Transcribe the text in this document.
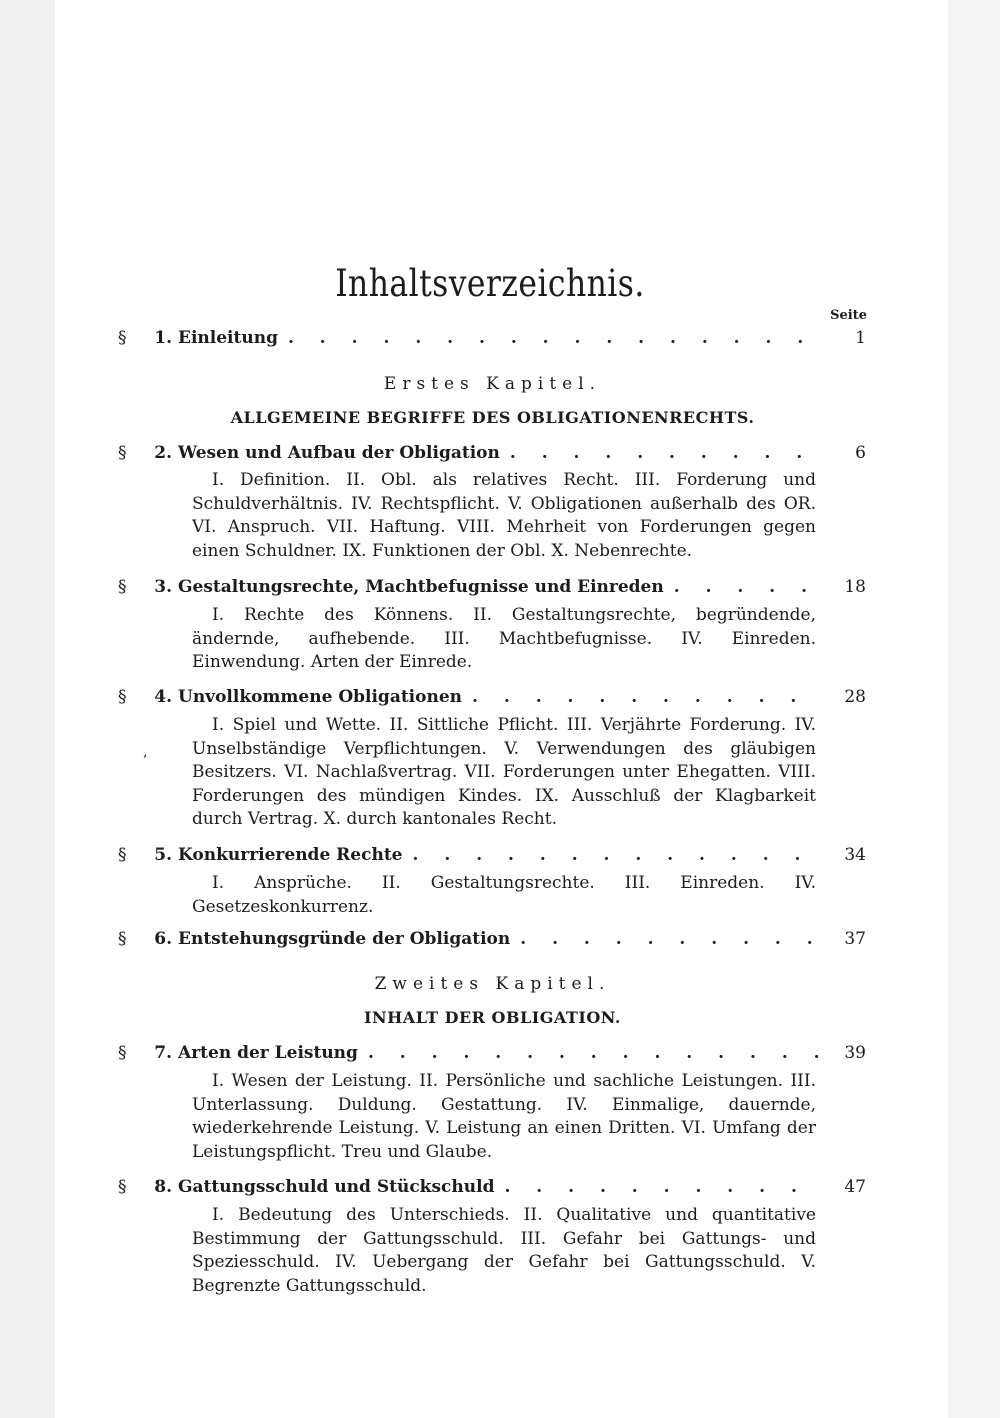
Inhaltsverzeichnis.
Seite
§	1. Einleitung . . .	1
Erstes Kapitel.
ALLGEMEINE BEGRIFFE DES OBLIGATIONENRECHTS.
§	2. Wesen und Aufbau der Obligation . . .	6
I. Definition. II. Obl. als relatives Recht. III. Forderung und Schuldverhältnis. IV. Rechtspflicht. V. Obligationen außerhalb des OR. VI. Anspruch. VII. Haftung. VIII. Mehrheit von Forderungen gegen einen Schuldner. IX. Funktionen der Obl. X. Nebenrechte.
§	3. Gestaltungsrechte, Machtbefugnisse und Einreden . . .	18
I. Rechte des Könnens. II. Gestaltungsrechte, begründende, ändernde, aufhebende. III. Machtbefugnisse. IV. Einreden. Einwendung. Arten der Einrede.
§	4. Unvollkommene Obligationen . . .	28
I. Spiel und Wette. II. Sittliche Pflicht. III. Verjährte Forderung. IV. Unselbständige Verpflichtungen. V. Verwendungen des gläubigen Besitzers. VI. Nachlaßvertrag. VII. Forderungen unter Ehegatten. VIII. Forderungen des mündigen Kindes. IX. Ausschluß der Klagbarkeit durch Vertrag. X. durch kantonales Recht.
‚
§	5. Konkurrierende Rechte . . .	34
I. Ansprüche. II. Gestaltungsrechte. III. Einreden. IV. Gesetzeskonkurrenz.
§	6. Entstehungsgründe der Obligation . . .	37
Zweites Kapitel.
INHALT DER OBLIGATION.
§	7. Arten der Leistung . . .	39
I. Wesen der Leistung. II. Persönliche und sachliche Leistungen. III. Unterlassung. Duldung. Gestattung. IV. Einmalige, dauernde, wiederkehrende Leistung. V. Leistung an einen Dritten. VI. Umfang der Leistungspflicht. Treu und Glaube.
§	8. Gattungsschuld und Stückschuld . . .	47
I. Bedeutung des Unterschieds. II. Qualitative und quantitative Bestimmung der Gattungsschuld. III. Gefahr bei Gattungs- und Speziesschuld. IV. Uebergang der Gefahr bei Gattungsschuld. V. Begrenzte Gattungsschuld.
